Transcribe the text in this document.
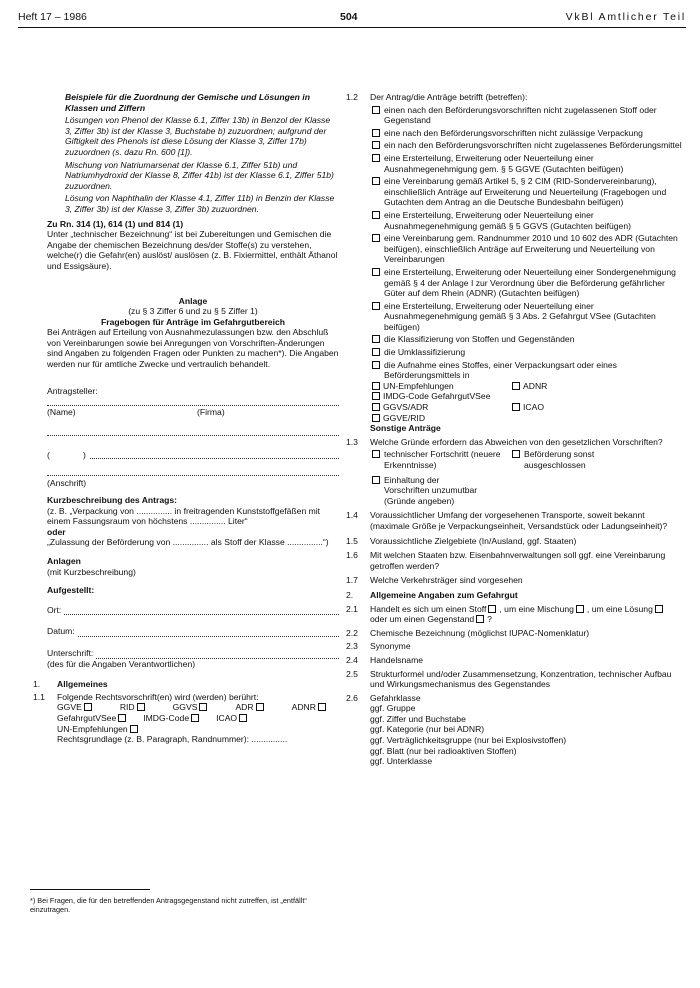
Heft 17 – 1986	504	VkBl Amtlicher Teil

Beispiele für die Zuordnung der Gemische und Lösungen in Klassen und Ziffern

Lösungen von Phenol der Klasse 6.1, Ziffer 13b) in Benzol der Klasse 3, Ziffer 3b) ist der Klasse 3, Buchstabe b) zuzuordnen; aufgrund der Giftigkeit des Phenols ist diese Lösung der Klasse 3, Ziffer 17b) zuzuordnen (s. dazu Rn. 600 [1]).

Mischung von Natriumarsenat der Klasse 6.1, Ziffer 51b) und Natriumhydroxid der Klasse 8, Ziffer 41b) ist der Klasse 6.1, Ziffer 51b) zuzuordnen.

Lösung von Naphthalin der Klasse 4.1, Ziffer 11b) in Benzin der Klasse 3, Ziffer 3b) ist der Klasse 3, Ziffer 3b) zuzuordnen.

Zu Rn. 314 (1), 614 (1) und 814 (1)

Unter „technischer Bezeichnung“ ist bei Zubereitungen und Gemischen die Angabe der chemischen Bezeichnung des/der Stoffe(s) zu verstehen, welche(r) die Gefahr(en) auslöst/ auslösen (z. B. Fixiermittel, enthält Äthanol und Essigsäure).

Anlage

(zu § 3 Ziffer 6 und zu § 5 Ziffer 1)

Fragebogen für Anträge im Gefahrgutbereich

Bei Anträgen auf Erteilung von Ausnahmezulassungen bzw. den Abschluß von Vereinbarungen sowie bei Anregungen von Vorschriften-Änderungen sind Angaben zu folgenden Fragen oder Punkten zu machen*). Die Angaben werden nur für amtliche Zwecke und vertraulich behandelt.

Antragsteller:

(Name)	(Firma)
(	)

(Anschrift)

Kurzbeschreibung des Antrags:

(z. B. „Verpackung von ............... in freitragenden Kunststoffgefäßen mit einem Fassungsraum von höchstens ............... Liter“

oder

„Zulassung der Beförderung von ............... als Stoff der Klasse ...............“)

Anlagen

(mit Kurzbeschreibung)

Aufgestellt:

Ort:
Datum:
Unterschrift:

(des für die Angaben Verantwortlichen)

1.	Allgemeines
1.1	Folgende Rechtsvorschrift(en) wird (werden) berührt:

GGVE	RID	GGVS	ADR	ADNR
GefahrgutVSee	IMDG-Code	ICAO
UN-Empfehlungen

Rechtsgrundlage (z. B. Paragraph, Randnummer): ...............

*) Bei Fragen, die für den betreffenden Antragsgegenstand nicht zutreffen, ist „entfällt“ einzutragen.
1.2	Der Antrag/die Anträge betrifft (betreffen):

einen nach den Beförderungsvorschriften nicht zugelassenen Stoff oder Gegenstand
eine nach den Beförderungsvorschriften nicht zulässige Verpackung
ein nach den Beförderungsvorschriften nicht zugelassenes Beförderungsmittel
eine Ersterteilung, Erweiterung oder Neuerteilung einer Ausnahmegenehmigung gem. § 5 GGVE (Gutachten beifügen)
eine Vereinbarung gemäß Artikel 5, § 2 CIM (RID-Sondervereinbarung), einschließlich Anträge auf Erweiterung und Neuerteilung (Fragebogen und Gutachten dem Antrag an die Deutsche Bundesbahn beifügen)
eine Ersterteilung, Erweiterung oder Neuerteilung einer Ausnahmegenehmigung gemäß § 5 GGVS (Gutachten beifügen)
eine Vereinbarung gem. Randnummer 2010 und 10 602 des ADR (Gutachten beifügen), einschließlich Anträge auf Erweiterung und Neuerteilung von Vereinbarungen
eine Ersterteilung, Erweiterung oder Neuerteilung einer Sondergenehmigung gemäß § 4 der Anlage I zur Verordnung über die Beförderung gefährlicher Güter auf dem Rhein (ADNR) (Gutachten beifügen)
eine Ersterteilung, Erweiterung oder Neuerteilung einer Ausnahmegenehmigung gemäß § 3 Abs. 2 Gefahrgut VSee (Gutachten beifügen)
die Klassifizierung von Stoffen und Gegenständen
die Umklassifizierung
die Aufnahme eines Stoffes, einer Verpackungsart oder eines Beförderungsmittels in
UN-Empfehlungen	ADNR
IMDG-Code GefahrgutVSee
GGVS/ADR	ICAO
GGVE/RID

Sonstige Anträge

1.3	Welche Gründe erfordern das Abweichen von den gesetzlichen Vorschriften?

technischer Fortschritt (neuere Erkenntnisse)
Beförderung sonst ausgeschlossen
Einhaltung der Vorschriften unzumutbar (Gründe angeben)
1.4	Voraussichtlicher Umfang der vorgesehenen Transporte, soweit bekannt (maximale Größe je Verpackungseinheit, Versandstück oder Ladungseinheit)?
1.5	Voraussichtliche Zielgebiete (In/Ausland, ggf. Staaten)
1.6	Mit welchen Staaten bzw. Eisenbahnverwaltungen soll ggf. eine Vereinbarung getroffen werden?
1.7	Welche Verkehrsträger sind vorgesehen
2.	Allgemeine Angaben zum Gefahrgut
2.1	Handelt es sich um einen Stoff , um eine Mischung , um eine Lösungoder um einen Gegenstand ?

2.2	Chemische Bezeichnung (möglichst IUPAC-Nomenklatur)
2.3	Synonyme
2.4	Handelsname
2.5	Strukturformel und/oder Zusammensetzung, Konzentration, technischer Aufbau und Wirkungsmechanismus des Gegenstandes
2.6	Gefahrklasse
ggf. Gruppe
ggf. Ziffer und Buchstabe
ggf. Kategorie (nur bei ADNR)
ggf. Verträglichkeitsgruppe (nur bei Explosivstoffen)
ggf. Blatt (nur bei radioaktiven Stoffen)
ggf. Unterklasse
